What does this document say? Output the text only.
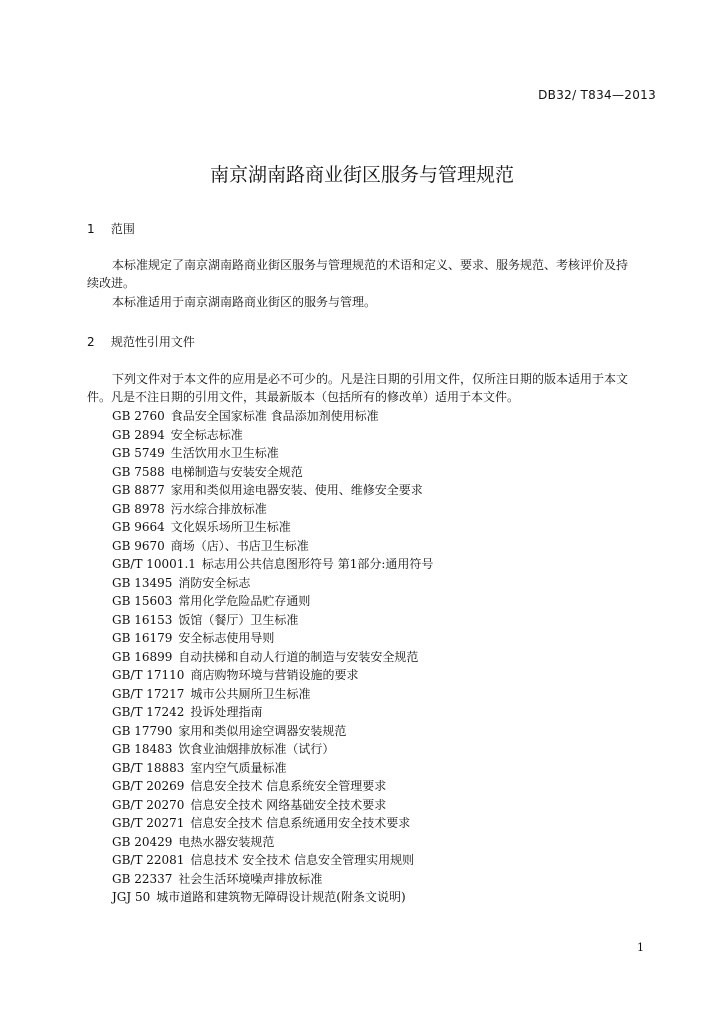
DB32/ T834—2013
南京湖南路商业街区服务与管理规范
1 范围
本标准规定了南京湖南路商业街区服务与管理规范的术语和定义、要求、服务规范、考核评价及持
续改进。
本标准适用于南京湖南路商业街区的服务与管理。
2 规范性引用文件
下列文件对于本文件的应用是必不可少的。凡是注日期的引用文件，仅所注日期的版本适用于本文
件。凡是不注日期的引用文件，其最新版本（包括所有的修改单）适用于本文件。
GB 2760 食品安全国家标准 食品添加剂使用标准
GB 2894 安全标志标准
GB 5749 生活饮用水卫生标准
GB 7588 电梯制造与安装安全规范
GB 8877 家用和类似用途电器安装、使用、维修安全要求
GB 8978 污水综合排放标准
GB 9664 文化娱乐场所卫生标准
GB 9670 商场（店）、书店卫生标准
GB/T 10001.1 标志用公共信息图形符号 第1部分:通用符号
GB 13495 消防安全标志
GB 15603 常用化学危险品贮存通则
GB 16153 饭馆（餐厅）卫生标准
GB 16179 安全标志使用导则
GB 16899 自动扶梯和自动人行道的制造与安装安全规范
GB/T 17110 商店购物环境与营销设施的要求
GB/T 17217 城市公共厕所卫生标准
GB/T 17242 投诉处理指南
GB 17790 家用和类似用途空调器安装规范
GB 18483 饮食业油烟排放标准（试行）
GB/T 18883 室内空气质量标准
GB/T 20269 信息安全技术 信息系统安全管理要求
GB/T 20270 信息安全技术 网络基础安全技术要求
GB/T 20271 信息安全技术 信息系统通用安全技术要求
GB 20429 电热水器安装规范
GB/T 22081 信息技术 安全技术 信息安全管理实用规则
GB 22337 社会生活环境噪声排放标准
JGJ 50 城市道路和建筑物无障碍设计规范(附条文说明)
1
